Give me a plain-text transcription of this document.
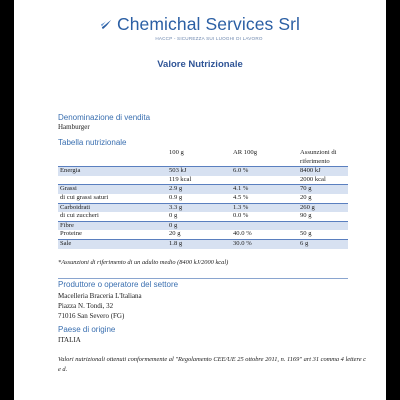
Chemichal Services Srl
HACCP - SICUREZZA SUI LUOGHI DI LAVORO
Valore Nutrizionale
Denominazione di vendita
Hamburger
Tabella nutrizionale
	100 g	AR 100g	Assunzioni di riferimento
Energia	503 kJ	6.0 %	8400 kJ
	119 kcal		2000 kcal
Grassi	2.9 g	4.1 %	70 g
di cui grassi saturi	0.9 g	4.5 %	20 g
Carboidrati	3.3 g	1.3 %	260 g
di cui zuccheri	0 g	0.0 %	90 g
Fibre	0 g		
Proteine	20 g	40.0 %	50 g
Sale	1.8 g	30.0 %	6 g
*Assunzioni di riferimento di un adulto medio (8400 kJ/2000 kcal)
Produttore o operatore del settore
Macelleria Braceria L'Italiana
Piazza N. Tondi, 32
71016 San Severo (FG)
Paese di origine
ITALIA
Valori nutrizionali ottenuti conformemente al "Regolamento CEE/UE 25 ottobre 2011, n. 1169" art 31 comma 4 lettere c e d.
